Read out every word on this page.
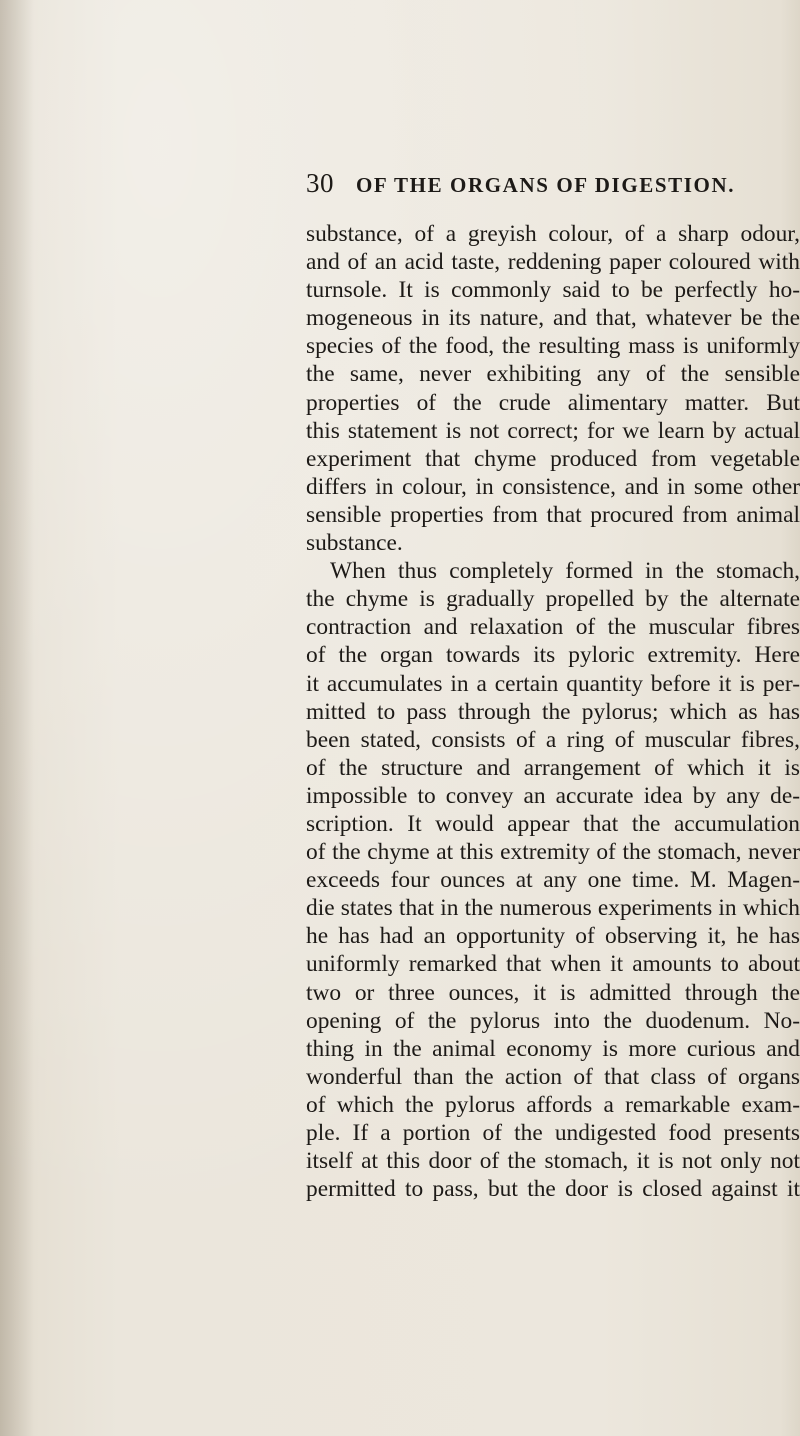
30 OF THE ORGANS OF DIGESTION.
substance, of a greyish colour, of a sharp odour,
and of an acid taste, reddening paper coloured with
turnsole. It is commonly said to be perfectly ho-
mogeneous in its nature, and that, whatever be the
species of the food, the resulting mass is uniformly
the same, never exhibiting any of the sensible
properties of the crude alimentary matter. But
this statement is not correct; for we learn by actual
experiment that chyme produced from vegetable
differs in colour, in consistence, and in some other
sensible properties from that procured from animal
substance.
When thus completely formed in the stomach,
the chyme is gradually propelled by the alternate
contraction and relaxation of the muscular fibres
of the organ towards its pyloric extremity. Here
it accumulates in a certain quantity before it is per-
mitted to pass through the pylorus; which as has
been stated, consists of a ring of muscular fibres,
of the structure and arrangement of which it is
impossible to convey an accurate idea by any de-
scription. It would appear that the accumulation
of the chyme at this extremity of the stomach, never
exceeds four ounces at any one time. M. Magen-
die states that in the numerous experiments in which
he has had an opportunity of observing it, he has
uniformly remarked that when it amounts to about
two or three ounces, it is admitted through the
opening of the pylorus into the duodenum. No-
thing in the animal economy is more curious and
wonderful than the action of that class of organs
of which the pylorus affords a remarkable exam-
ple. If a portion of the undigested food presents
itself at this door of the stomach, it is not only not
permitted to pass, but the door is closed against it
